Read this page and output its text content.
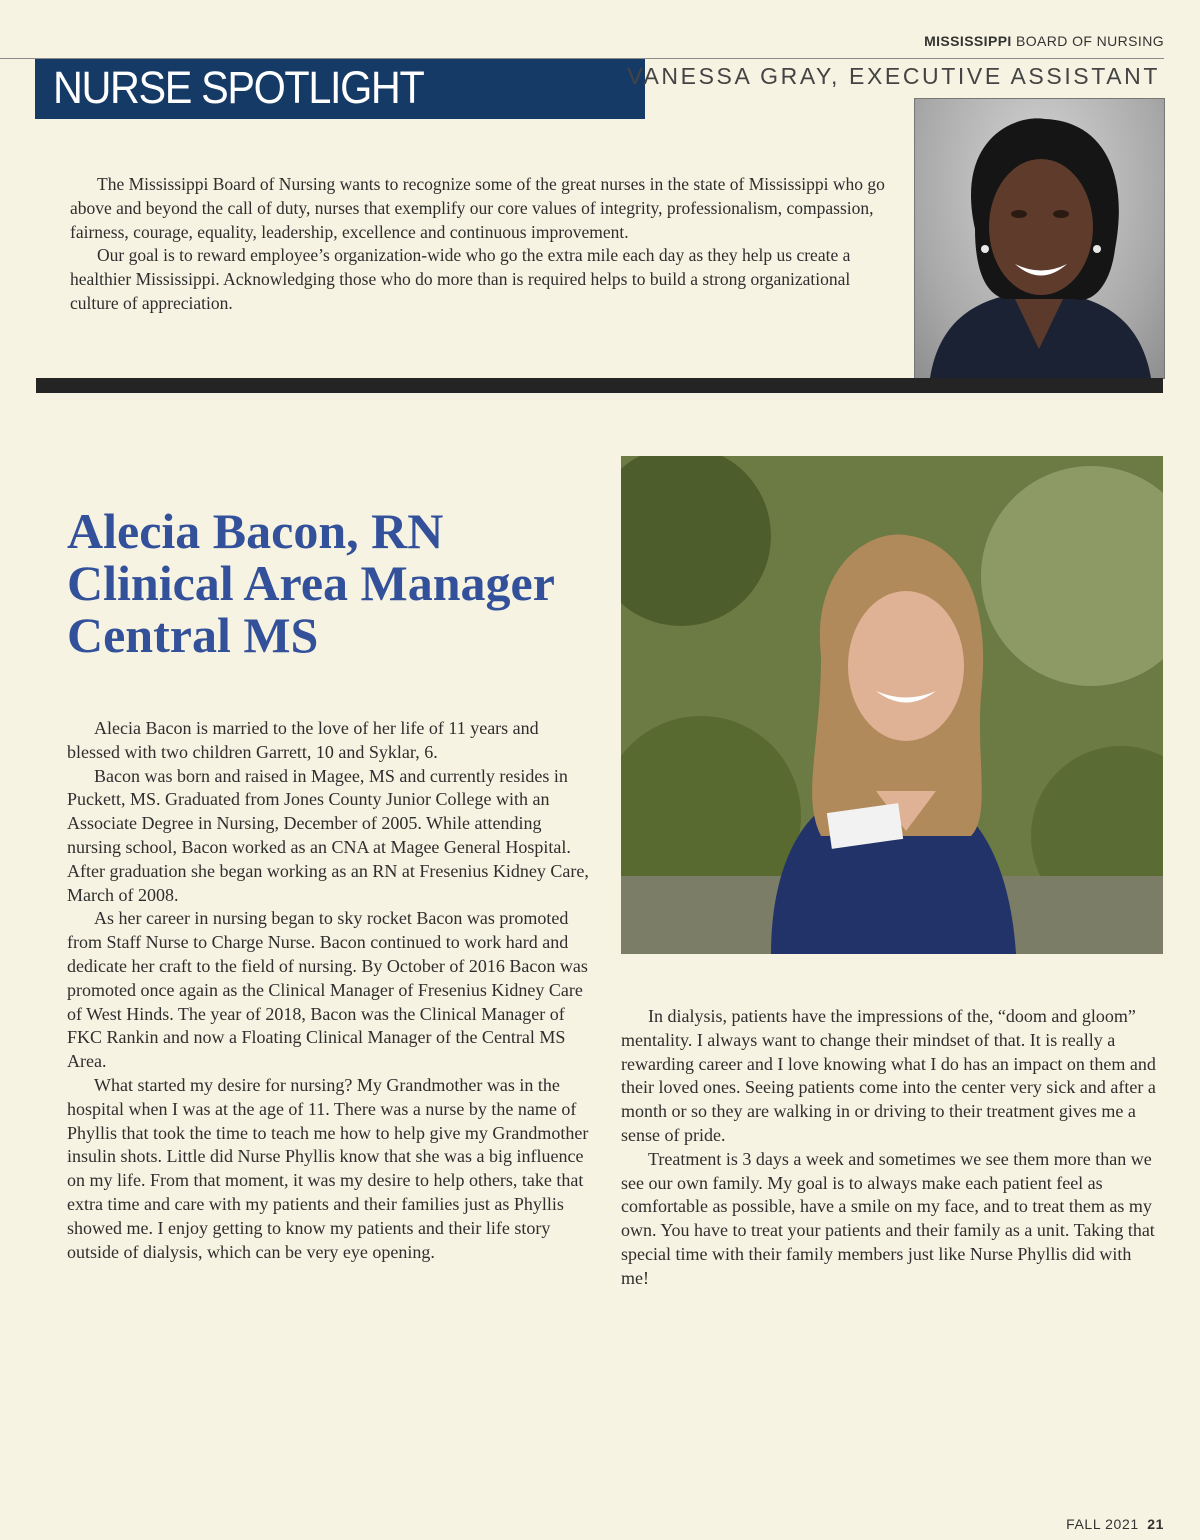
MISSISSIPPI BOARD OF NURSING
NURSE SPOTLIGHT	VANESSA GRAY, EXECUTIVE ASSISTANT

The Mississippi Board of Nursing wants to recognize some of the great nurses in the state of Mississippi who go above and beyond the call of duty, nurses that exemplify our core values of integrity, professionalism, compassion, fairness, courage, equality, leadership, excellence and continuous improvement.

Our goal is to reward employee’s organization-wide who go the extra mile each day as they help us create a healthier Mississippi. Acknowledging those who do more than is required helps to build a strong organizational culture of appreciation.

Alecia Bacon, RN
Clinical Area Manager
Central MS

Alecia Bacon is married to the love of her life of 11 years and blessed with two children Garrett, 10 and Syklar, 6.

Bacon was born and raised in Magee, MS and currently resides in Puckett, MS. Graduated from Jones County Junior College with an Associate Degree in Nursing, December of 2005. While attending nursing school, Bacon worked as an CNA at Magee General Hospital. After graduation she began working as an RN at Fresenius Kidney Care, March of 2008.

As her career in nursing began to sky rocket Bacon was promoted from Staff Nurse to Charge Nurse. Bacon continued to work hard and dedicate her craft to the field of nursing. By October of 2016 Bacon was promoted once again as the Clinical Manager of Fresenius Kidney Care of West Hinds. The year of 2018, Bacon was the Clinical Manager of FKC Rankin and now a Floating Clinical Manager of the Central MS Area.

What started my desire for nursing? My Grandmother was in the hospital when I was at the age of 11. There was a nurse by the name of Phyllis that took the time to teach me how to help give my Grandmother insulin shots. Little did Nurse Phyllis know that she was a big influence on my life. From that moment, it was my desire to help others, take that extra time and care with my patients and their families just as Phyllis showed me. I enjoy getting to know my patients and their life story outside of dialysis, which can be very eye opening.

In dialysis, patients have the impressions of the, “doom and gloom” mentality. I always want to change their mindset of that. It is really a rewarding career and I love knowing what I do has an impact on them and their loved ones. Seeing patients come into the center very sick and after a month or so they are walking in or driving to their treatment gives me a sense of pride.

Treatment is 3 days a week and sometimes we see them more than we see our own family. My goal is to always make each patient feel as comfortable as possible, have a smile on my face, and to treat them as my own. You have to treat your patients and their family as a unit. Taking that special time with their family members just like Nurse Phyllis did with me!

FALL 2021 21
